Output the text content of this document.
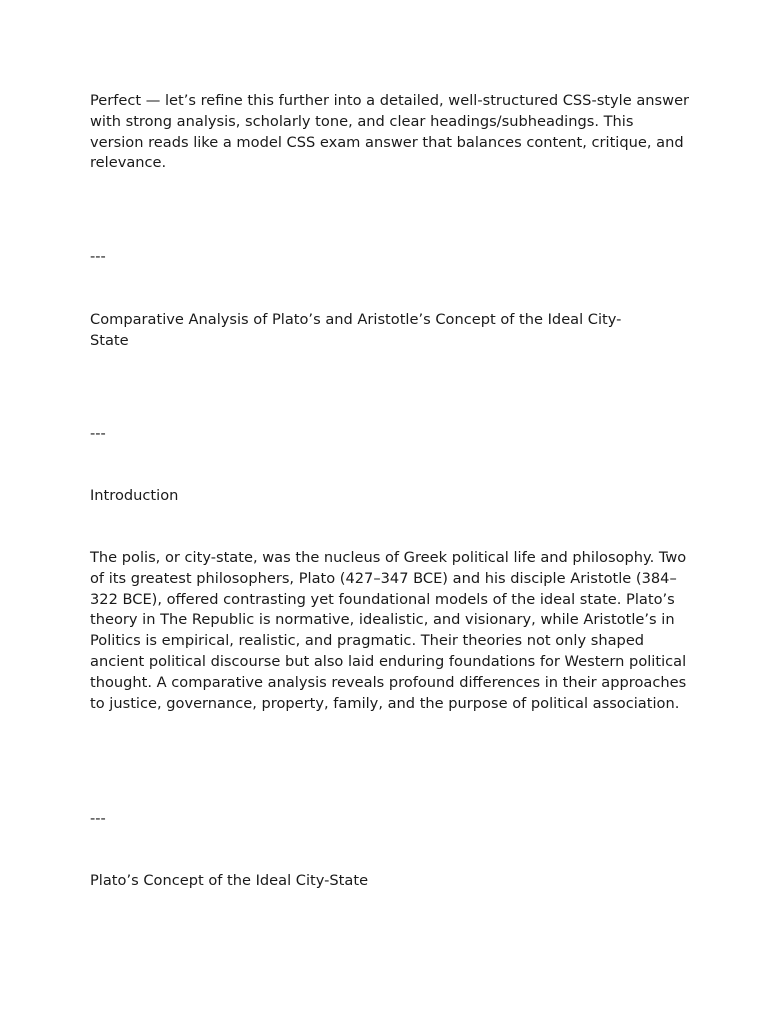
Perfect — let’s refine this further into a detailed, well-structured CSS-style answer with strong analysis, scholarly tone, and clear headings/subheadings. This version reads like a model CSS exam answer that balances content, critique, and relevance.

---

Comparative Analysis of Plato’s and Aristotle’s Concept of the Ideal City-State

---

Introduction

The polis, or city-state, was the nucleus of Greek political life and philosophy. Two of its greatest philosophers, Plato (427–347 BCE) and his disciple Aristotle (384–322 BCE), offered contrasting yet foundational models of the ideal state. Plato’s theory in The Republic is normative, idealistic, and visionary, while Aristotle’s in Politics is empirical, realistic, and pragmatic. Their theories not only shaped ancient political discourse but also laid enduring foundations for Western political thought. A comparative analysis reveals profound differences in their approaches to justice, governance, property, family, and the purpose of political association.

---

Plato’s Concept of the Ideal City-State
